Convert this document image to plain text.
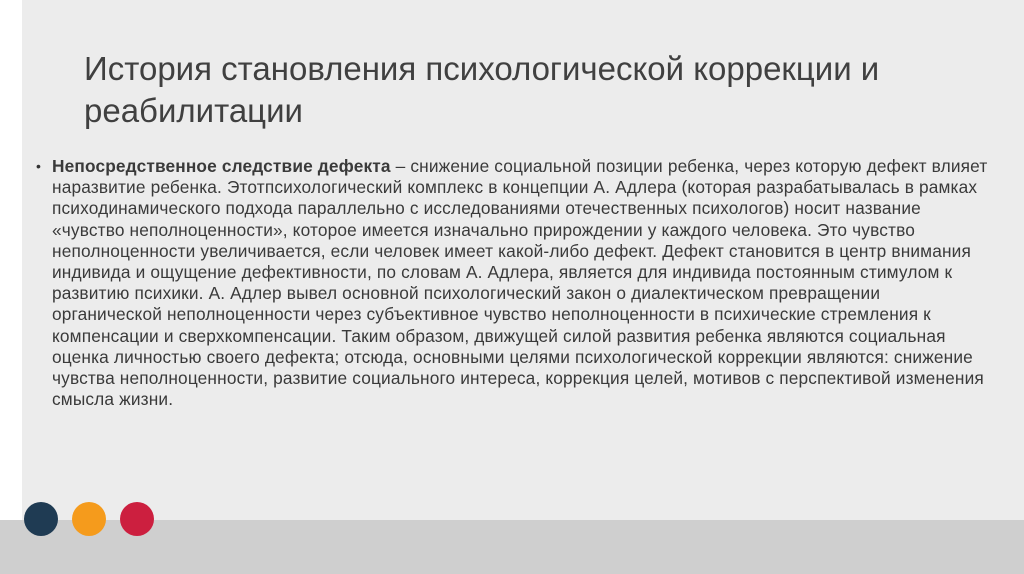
История становления психологической коррекции и реабилитации
• Непосредственное следствие дефекта – снижение социальной позиции ребенка, через которую дефект влияет наразвитие ребенка. Этотпсихологический комплекс в концепции А. Адлера (которая разрабатывалась в рамках психодинамического подхода параллельно с исследованиями отечественных психологов) носит название «чувство неполноценности», которое имеется изначально прирождении у каждого человека. Это чувство неполноценности увеличивается, если человек имеет какой-либо дефект. Дефект становится в центр внимания индивида и ощущение дефективности, по словам А. Адлера, является для индивида постоянным стимулом к развитию психики. А. Адлер вывел основной психологический закон о диалектическом превращении органической неполноценности через субъективное чувство неполноценности в психические стремления к компенсации и сверхкомпенсации. Таким образом, движущей силой развития ребенка являются социальная оценка личностью своего дефекта; отсюда, основными целями психологической коррекции являются: снижение чувства неполноценности, развитие социального интереса, коррекция целей, мотивов с перспективой изменения смысла жизни.
